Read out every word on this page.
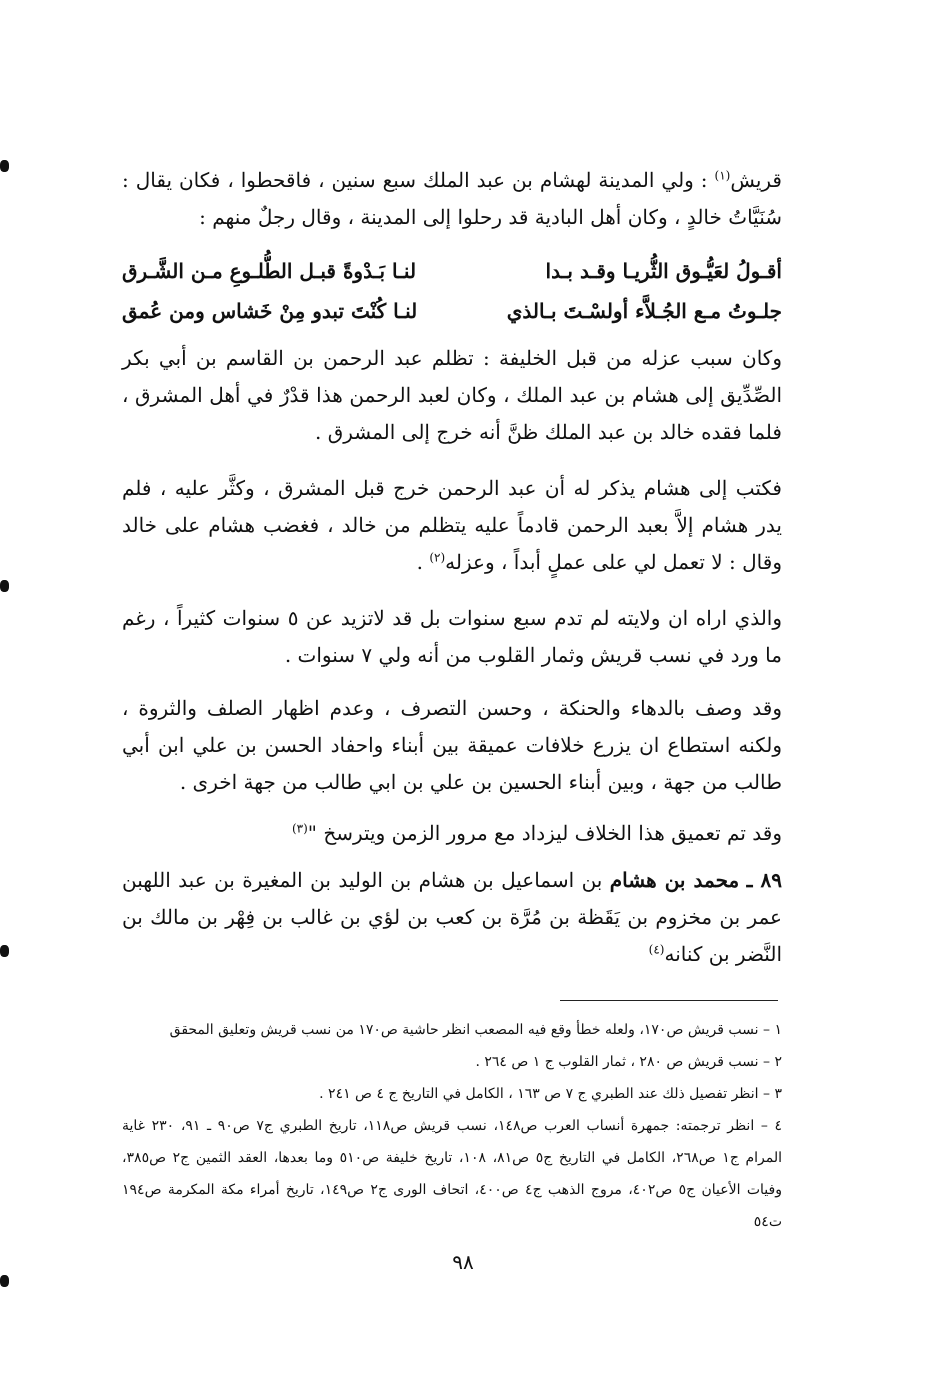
قريش$^{(١)}$ : ولي المدينة لهشام بن عبد الملك سبع سنين ، فاقحطوا ، فكان يقال : سُنَيَّاتُ خالدٍ ، وكان أهل البادية قد رحلوا إلى المدينة ، وقال رجلٌ منهم :

أقـولُ لعَيُّـوق الثُّريـا وقـد بـدا
لنـا بَـدْوةً قبـل الطُّلـوعِ مـن الشَّـرق
جلـوتُ مـع الجُـلاَّء أولسْـتَ بـالذي
لنـا كُنْتَ تبدو مِنْ خَشاس ومن عُمق

وكان سبب عزله من قبل الخليفة : تظلم عبد الرحمن بن القاسم بن أبي بكر الصِّدِّيق إلى هشام بن عبد الملك ، وكان لعبد الرحمن هذا قدْرٌ في أهل المشرق ، فلما فقده خالد بن عبد الملك ظنَّ أنه خرج إلى المشرق .

فكتب إلى هشام يذكر له أن عبد الرحمن خرج قبل المشرق ، وكثَّر عليه ، فلم يدر هشام إلاَّ بعبد الرحمن قادماً عليه يتظلم من خالد ، فغضب هشام على خالد وقال : لا تعمل لي على عملٍ أبداً ، وعزله$^{(٢)}$ .

والذي اراه ان ولايته لم تدم سبع سنوات بل قد لاتزيد عن ٥ سنوات كثيراً ، رغم ما ورد في نسب قريش وثمار القلوب من أنه ولي ٧ سنوات .

وقد وصف بالدهاء والحنكة ، وحسن التصرف ، وعدم اظهار الصلف والثروة ، ولكنه استطاع ان يزرع خلافات عميقة بين أبناء واحفاد الحسن بن علي ابن أبي طالب من جهة ، وبين أبناء الحسين بن علي بن ابي طالب من جهة اخرى .

وقد تم تعميق هذا الخلاف ليزداد مع مرور الزمن ويترسخ "$^{(٣)}$

٨٩ ـ محمد بن هشام بن اسماعيل بن هشام بن الوليد بن المغيرة بن عبد اللهبن عمر بن مخزوم بن يَقَظة بن مُرَّة بن كعب بن لؤي بن غالب بن فِهْر بن مالك بن النَّضر بن كنانه$^{(٤)}$

١ – نسب قريش ص١٧٠، ولعله خطأ وقع فيه المصعب انظر حاشية ص١٧٠ من نسب قريش وتعليق المحقق

٢ – نسب قريش ص ٢٨٠ ، ثمار القلوب ج ١ ص ٢٦٤ .

٣ – انظر تفصيل ذلك عند الطبري ج ٧ ص ١٦٣ ، الكامل في التاريخ ج ٤ ص ٢٤١ .

٤ – انظر ترجمته: جمهرة أنساب العرب ص١٤٨، نسب قريش ص١١٨، تاريخ الطبري ج٧ ص٩٠ ـ ٩١، ٢٣٠ غاية المرام ج١ ص٢٦٨، الكامل في التاريخ ج٥ ص٨١، ١٠٨، تاريخ خليفة ص٥١٠ وما بعدها، العقد الثمين ج٢ ص٣٨٥، وفيات الأعيان ج٥ ص٤٠٢، مروج الذهب ج٤ ص٤٠٠، اتحاف الورى ج٢ ص١٤٩، تاريخ أمراء مكة المكرمة ص١٩٤ ت٥٤

٩٨
